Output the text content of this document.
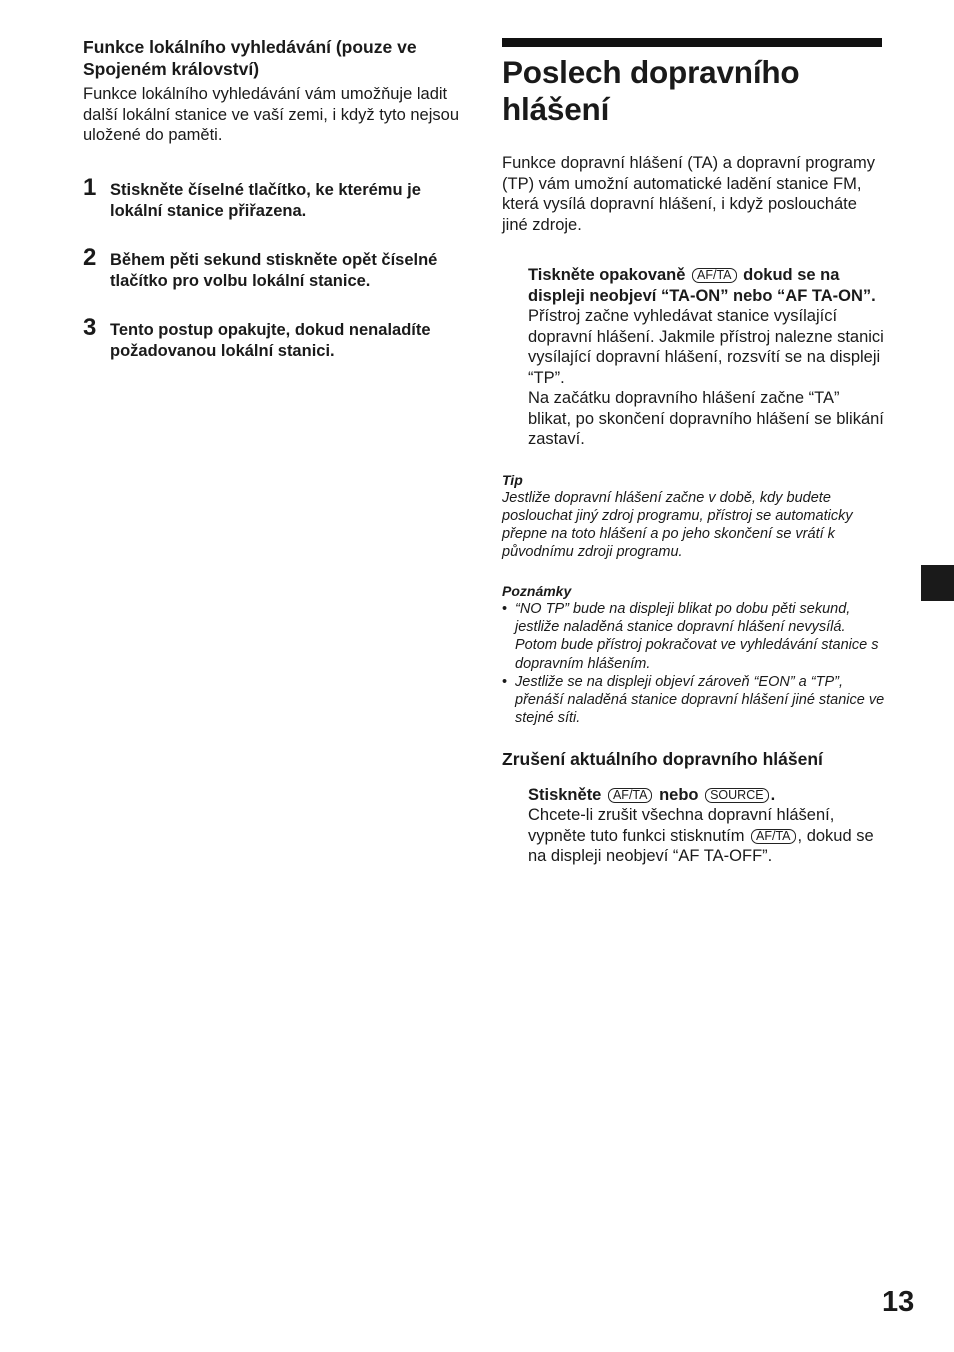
Funkce lokálního vyhledávání (pouze ve Spojeném království)

Funkce lokálního vyhledávání vám umožňuje ladit další lokální stanice ve vaší zemi, i když tyto nejsou uložené do paměti.

1 Stiskněte číselné tlačítko, ke kterému je lokální stanice přiřazena.

2 Během pěti sekund stiskněte opět číselné tlačítko pro volbu lokální stanice.

3 Tento postup opakujte, dokud nenaladíte požadovanou lokální stanici.

Poslech dopravního hlášení

Funkce dopravní hlášení (TA) a dopravní programy (TP) vám umožní automatické ladění stanice FM, která vysílá dopravní hlášení, i když posloucháte jiné zdroje.

Tiskněte opakovaně AF/TA dokud se na displeji neobjeví “TA-ON” nebo “AF TA-ON”.

Přístroj začne vyhledávat stanice vysílající dopravní hlášení. Jakmile přístroj nalezne stanici vysílající dopravní hlášení, rozsvítí se na displeji “TP”.

Na začátku dopravního hlášení začne “TA” blikat, po skončení dopravního hlášení se blikání zastaví.

Tip

Jestliže dopravní hlášení začne v době, kdy budete poslouchat jiný zdroj programu, přístroj se automaticky přepne na toto hlášení a po jeho skončení se vrátí k původnímu zdroji programu.

Poznámky

• “NO TP” bude na displeji blikat po dobu pěti sekund, jestliže naladěná stanice dopravní hlášení nevysílá. Potom bude přístroj pokračovat ve vyhledávání stanice s dopravním hlášením.

• Jestliže se na displeji objeví zároveň “EON” a “TP”, přenáší naladěná stanice dopravní hlášení jiné stanice ve stejné síti.

Zrušení aktuálního dopravního hlášení

Stiskněte AF/TA nebo SOURCE .

Chcete-li zrušit všechna dopravní hlášení, vypněte tuto funkci stisknutím AF/TA , dokud se na displeji neobjeví “AF TA-OFF”.

13
